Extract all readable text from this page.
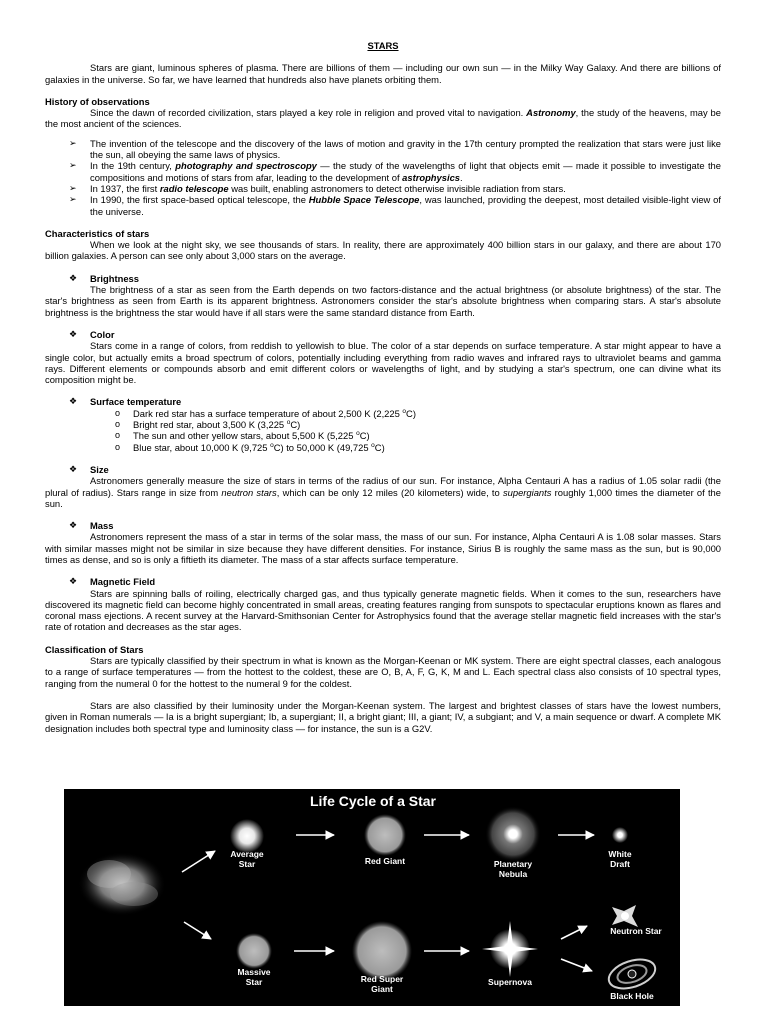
STARS

Stars are giant, luminous spheres of plasma. There are billions of them — including our own sun — in the Milky Way Galaxy. And there are billions of galaxies in the universe. So far, we have learned that hundreds also have planets orbiting them.

History of observations

Since the dawn of recorded civilization, stars played a key role in religion and proved vital to navigation. Astronomy, the study of the heavens, may be the most ancient of the sciences.

➢ The invention of the telescope and the discovery of the laws of motion and gravity in the 17th century prompted the realization that stars were just like the sun, all obeying the same laws of physics.
➢ In the 19th century, photography and spectroscopy — the study of the wavelengths of light that objects emit — made it possible to investigate the compositions and motions of stars from afar, leading to the development of astrophysics.
➢ In 1937, the first radio telescope was built, enabling astronomers to detect otherwise invisible radiation from stars.
➢ In 1990, the first space-based optical telescope, the Hubble Space Telescope, was launched, providing the deepest, most detailed visible-light view of the universe.

Characteristics of stars

When we look at the night sky, we see thousands of stars. In reality, there are approximately 400 billion stars in our galaxy, and there are about 170 billion galaxies. A person can see only about 3,000 stars on the average.

❖ Brightness

The brightness of a star as seen from the Earth depends on two factors-distance and the actual brightness (or absolute brightness) of the star. The star's brightness as seen from Earth is its apparent brightness. Astronomers consider the star's absolute brightness when comparing stars. A star's absolute brightness is the brightness the star would have if all stars were the same standard distance from Earth.

❖ Color

Stars come in a range of colors, from reddish to yellowish to blue. The color of a star depends on surface temperature. A star might appear to have a single color, but actually emits a broad spectrum of colors, potentially including everything from radio waves and infrared rays to ultraviolet beams and gamma rays. Different elements or compounds absorb and emit different colors or wavelengths of light, and by studying a star's spectrum, one can divine what its composition might be.

❖ Surface temperature
o Dark red star has a surface temperature of about 2,500 K (2,225 $^o$C)
o Bright red star, about 3,500 K (3,225 $^o$C)
o The sun and other yellow stars, about 5,500 K (5,225 $^o$C)
o Blue star, about 10,000 K (9,725 $^o$C) to 50,000 K (49,725 $^o$C)
❖ Size

Astronomers generally measure the size of stars in terms of the radius of our sun. For instance, Alpha Centauri A has a radius of 1.05 solar radii (the plural of radius). Stars range in size from neutron stars, which can be only 12 miles (20 kilometers) wide, to supergiants roughly 1,000 times the diameter of the sun.

❖ Mass

Astronomers represent the mass of a star in terms of the solar mass, the mass of our sun. For instance, Alpha Centauri A is 1.08 solar masses. Stars with similar masses might not be similar in size because they have different densities. For instance, Sirius B is roughly the same mass as the sun, but is 90,000 times as dense, and so is only a fiftieth its diameter. The mass of a star affects surface temperature.

❖ Magnetic Field

Stars are spinning balls of roiling, electrically charged gas, and thus typically generate magnetic fields. When it comes to the sun, researchers have discovered its magnetic field can become highly concentrated in small areas, creating features ranging from sunspots to spectacular eruptions known as flares and coronal mass ejections. A recent survey at the Harvard-Smithsonian Center for Astrophysics found that the average stellar magnetic field increases with the star's rate of rotation and decreases as the star ages.

Classification of Stars

Stars are typically classified by their spectrum in what is known as the Morgan-Keenan or MK system. There are eight spectral classes, each analogous to a range of surface temperatures — from the hottest to the coldest, these are O, B, A, F, G, K, M and L. Each spectral class also consists of 10 spectral types, ranging from the numeral 0 for the hottest to the numeral 9 for the coldest.

Stars are also classified by their luminosity under the Morgan-Keenan system. The largest and brightest classes of stars have the lowest numbers, given in Roman numerals — Ia is a bright supergiant; Ib, a supergiant; II, a bright giant; III, a giant; IV, a subgiant; and V, a main sequence or dwarf. A complete MK designation includes both spectral type and luminosity class — for instance, the sun is a G2V.

Life Cycle of a Star
Average
Star	Red Giant	Planetary
Nebula
White
Draft
Massive
Star	Red Super
Giant
Supernova
Neutron Star
Black Hole
